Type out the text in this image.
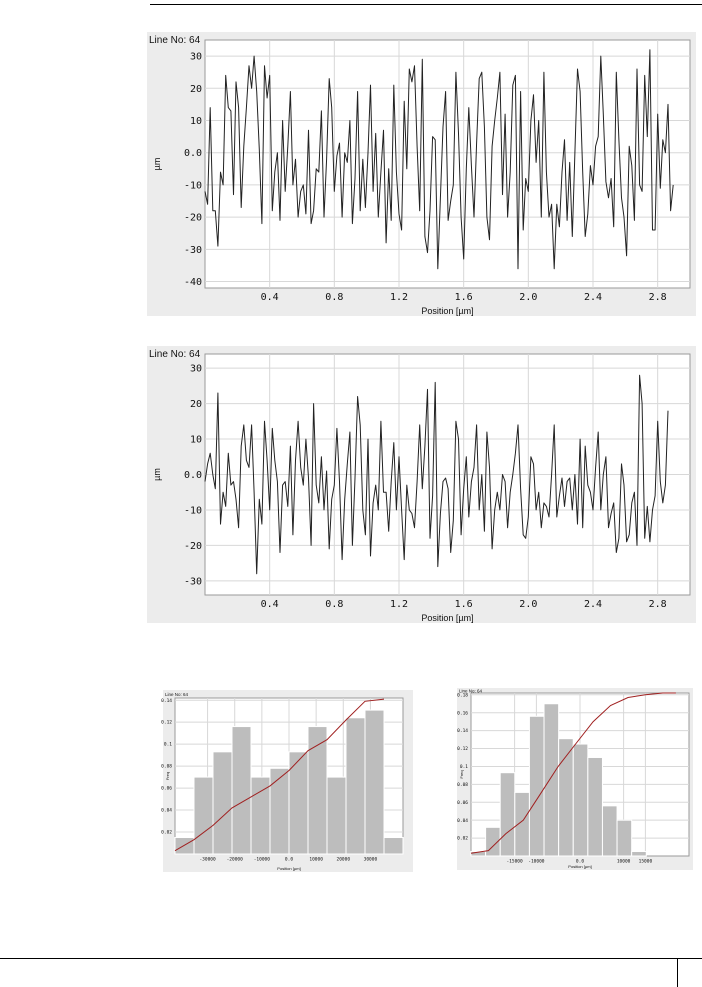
Line No: 64
0.4	0.8	1.2	1.6	2.0	2.4	2.8
30
20
10
0.0
-10
-20
-30
-40
Position [µm]
µm
Line No: 64
0.4	0.8	1.2	1.6	2.0	2.4	2.8
30
20
10
0.0
-10
-20
-30
Position [µm]
µm
Line No: 64
-30000 -20000 -10000	0.0	10000	20000	30000
0.02
0.04
0.06
0.08
0.1
0.12
0.14
Position [µm]
Freq
Line No: 64
-15000 -10000	0.0	10000 15000
0.02
0.04
0.06
0.08
0.1
0.12
0.14
0.16
0.18
Position [µm]
Freq
